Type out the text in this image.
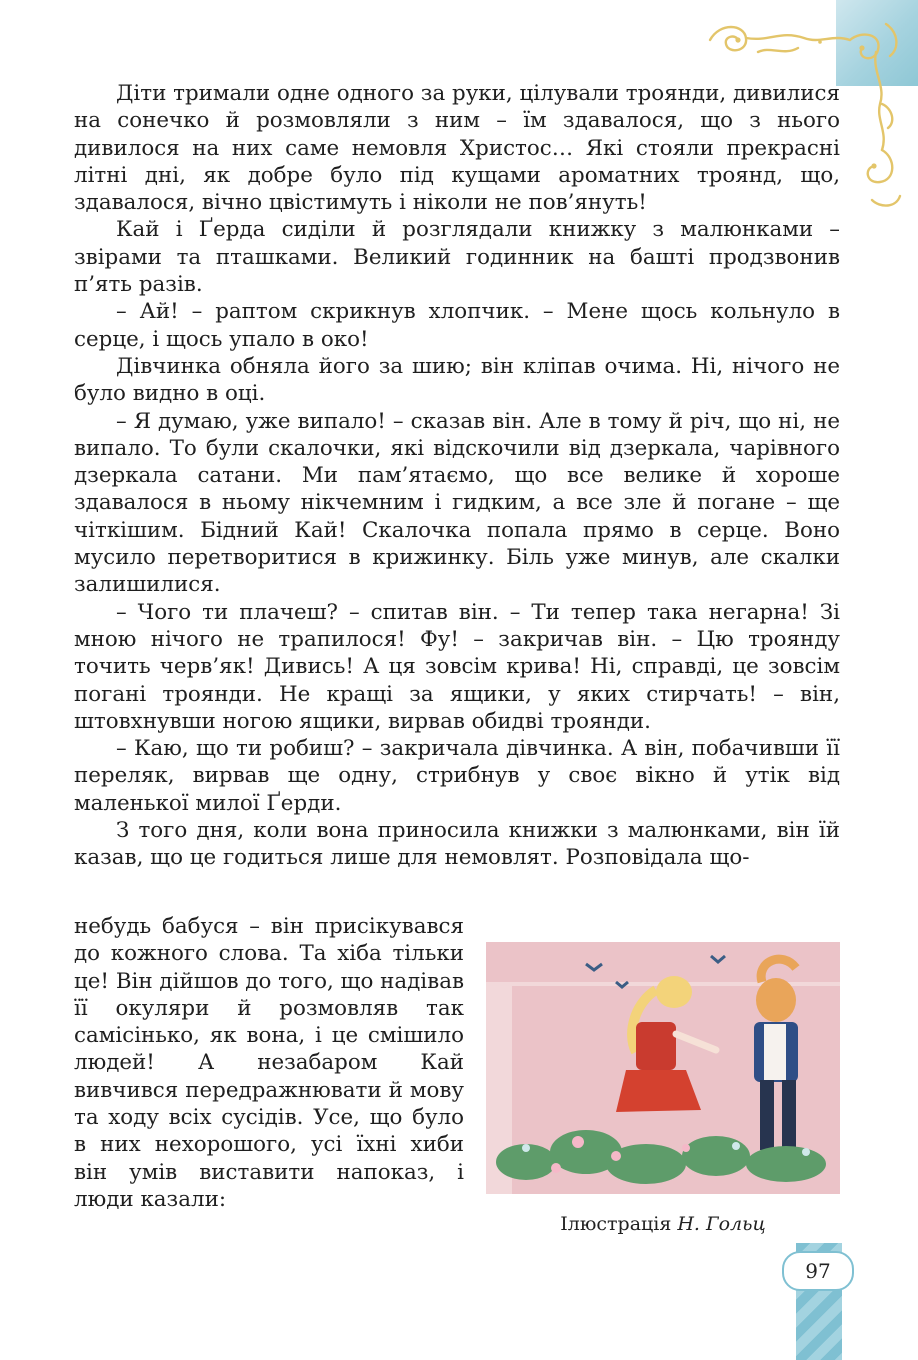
Діти тримали одне одного за руки, цілували троянди, дивилися на сонечко й розмовляли з ним – їм здавалося, що з нього дивилося на них саме немовля Христос… Які стояли прекрасні літні дні, як добре було під кущами ароматних троянд, що, здавалося, вічно цвістимуть і ніколи не пов’януть!

Кай і Ґерда сиділи й розглядали книжку з малюнками – звірами та пташками. Великий годинник на башті продзвонив п’ять разів.

– Ай! – раптом скрикнув хлопчик. – Мене щось кольнуло в серце, і щось упало в око!

Дівчинка обняла його за шию; він кліпав очима. Ні, нічого не було видно в оці.

– Я думаю, уже випало! – сказав він. Але в тому й річ, що ні, не випало. То були скалочки, які відскочили від дзеркала, чарівного дзеркала сатани. Ми пам’ятаємо, що все велике й хороше здавалося в ньому нікчемним і гидким, а все зле й погане – ще чіткішим. Бідний Кай! Скалочка попала прямо в серце. Воно мусило перетворитися в крижинку. Біль уже минув, але скалки залишилися.

– Чого ти плачеш? – спитав він. – Ти тепер така негарна! Зі мною нічого не трапилося! Фу! – закричав він. – Цю троянду точить черв’як! Дивись! А ця зовсім крива! Ні, справді, це зовсім погані троянди. Не кращі за ящики, у яких стирчать! – він, штовхнувши ногою ящики, вирвав обидві троянди.

– Каю, що ти робиш? – закричала дівчинка. А він, побачивши її переляк, вирвав ще одну, стрибнув у своє вікно й утік від маленької милої Ґерди.

З того дня, коли вона приносила книжки з малюнками, він їй казав, що це годиться лише для немовлят. Розповідала що-

небудь бабуся – він присікувався до кожного слова. Та хіба тільки це! Він дійшов до того, що надівав її окуляри й розмовляв так самісінько, як вона, і це смішило людей! А незабаром Кай вивчився передражнювати й мову та ходу всіх сусідів. Усе, що було в них нехорошого, усі їхні хиби він умів виставити напоказ, і люди казали:

Ілюстрація Н. Гольц
97
